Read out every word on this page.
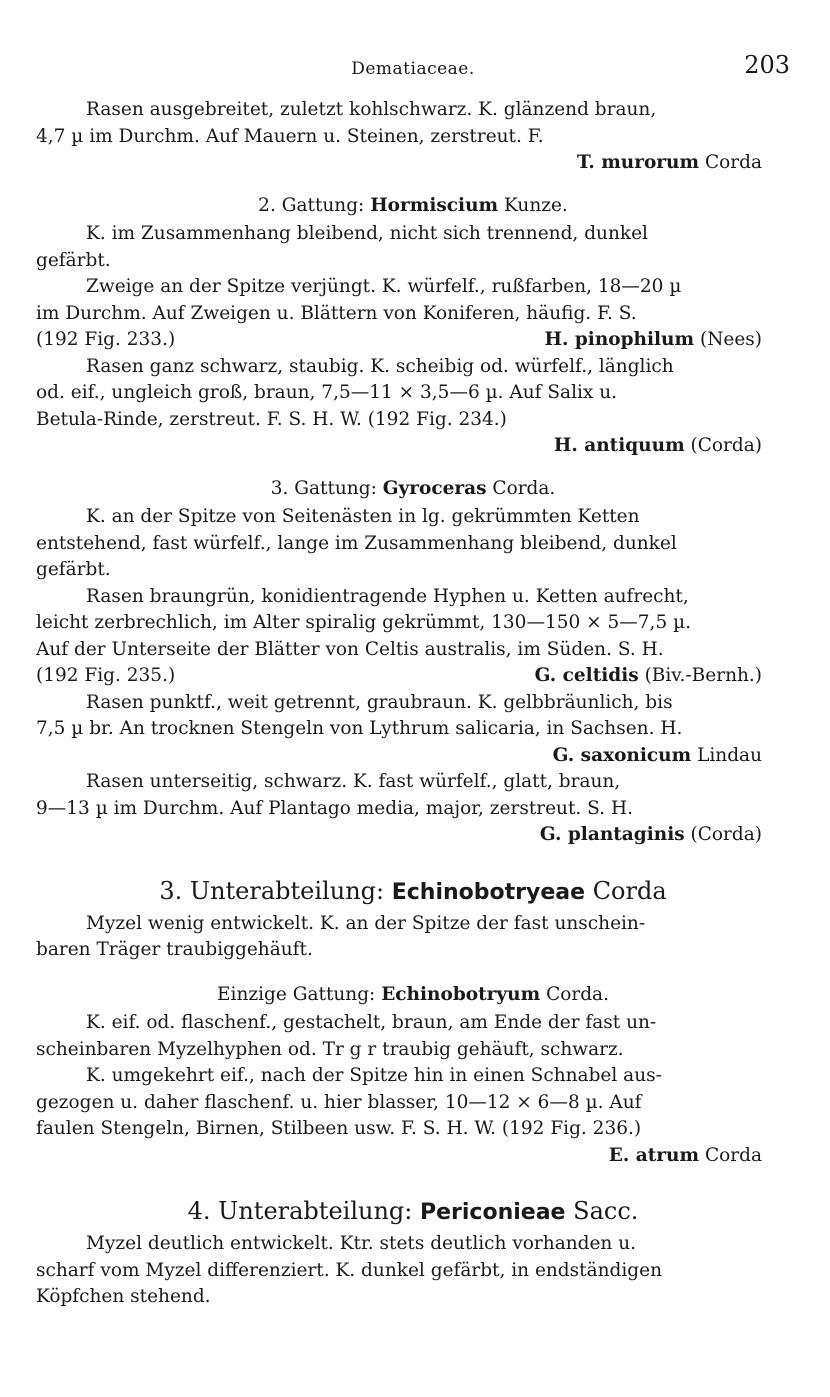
Dematiaceae.	203

Rasen ausgebreitet, zuletzt kohlschwarz. K. glänzend braun,

4,7 µ im Durchm. Auf Mauern u. Steinen, zerstreut. F.

T. murorum Corda

2. Gattung: Hormiscium Kunze.

K. im Zusammenhang bleibend, nicht sich trennend, dunkel

gefärbt.

Zweige an der Spitze verjüngt. K. würfelf., rußfarben, 18—20 µ

im Durchm. Auf Zweigen u. Blättern von Koniferen, häufig. F. S.

(192 Fig. 233.)	H. pinophilum (Nees)

Rasen ganz schwarz, staubig. K. scheibig od. würfelf., länglich

od. eif., ungleich groß, braun, 7,5—11 × 3,5—6 µ. Auf Salix u.

Betula-Rinde, zerstreut. F. S. H. W. (192 Fig. 234.)

H. antiquum (Corda)

3. Gattung: Gyroceras Corda.

K. an der Spitze von Seitenästen in lg. gekrümmten Ketten

entstehend, fast würfelf., lange im Zusammenhang bleibend, dunkel

gefärbt.

Rasen braungrün, konidientragende Hyphen u. Ketten aufrecht,

leicht zerbrechlich, im Alter spiralig gekrümmt, 130—150 × 5—7,5 µ.

Auf der Unterseite der Blätter von Celtis australis, im Süden. S. H.

(192 Fig. 235.)	G. celtidis (Biv.-Bernh.)

Rasen punktf., weit getrennt, graubraun. K. gelbbräunlich, bis

7,5 µ br. An trocknen Stengeln von Lythrum salicaria, in Sachsen. H.

G. saxonicum Lindau

Rasen unterseitig, schwarz. K. fast würfelf., glatt, braun,

9—13 µ im Durchm. Auf Plantago media, major, zerstreut. S. H.

G. plantaginis (Corda)

3. Unterabteilung: Echinobotryeae Corda

Myzel wenig entwickelt. K. an der Spitze der fast unschein-

baren Träger traubiggehäuft.

Einzige Gattung: Echinobotryum Corda.

K. eif. od. flaschenf., gestachelt, braun, am Ende der fast un-

scheinbaren Myzelhyphen od. Tr g r traubig gehäuft, schwarz.

K. umgekehrt eif., nach der Spitze hin in einen Schnabel aus-

gezogen u. daher flaschenf. u. hier blasser, 10—12 × 6—8 µ. Auf

faulen Stengeln, Birnen, Stilbeen usw. F. S. H. W. (192 Fig. 236.)

E. atrum Corda

4. Unterabteilung: Periconieae Sacc.

Myzel deutlich entwickelt. Ktr. stets deutlich vorhanden u.

scharf vom Myzel differenziert. K. dunkel gefärbt, in endständigen

Köpfchen stehend.
